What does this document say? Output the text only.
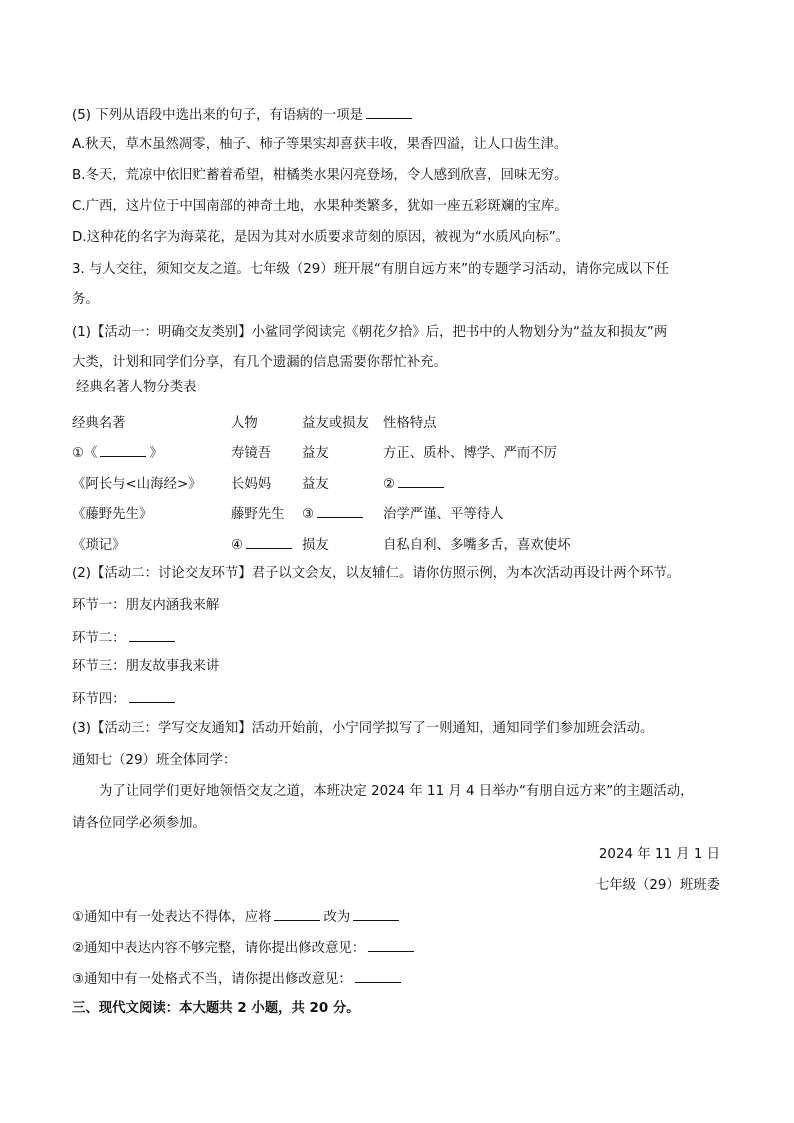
(5) 下列从语段中选出来的句子，有语病的一项是
A.秋天，草木虽然凋零，柚子、柿子等果实却喜获丰收，果香四溢，让人口齿生津。
B.冬天，荒凉中依旧贮蓄着希望，柑橘类水果闪亮登场，令人感到欣喜，回味无穷。
C.广西，这片位于中国南部的神奇土地，水果种类繁多，犹如一座五彩斑斓的宝库。
D.这种花的名字为海菜花，是因为其对水质要求苛刻的原因，被视为“水质风向标”。
3. 与人交往，须知交友之道。七年级（29）班开展“有朋自远方来”的专题学习活动，请你完成以下任
务。
(1)【活动一：明确交友类别】小鲨同学阅读完《朝花夕拾》后，把书中的人物划分为“益友和损友”两
大类，计划和同学们分享，有几个遗漏的信息需要你帮忙补充。
经典名著人物分类表
经典名著	人物	益友或损友	性格特点
①《 》	寿镜吾	益友	方正、质朴、博学、严而不厉
《阿长与<山海经>》	长妈妈	益友	②
《藤野先生》	藤野先生	③	治学严谨、平等待人
《琐记》	④	损友	自私自利、多嘴多舌，喜欢使坏
(2)【活动二：讨论交友环节】君子以文会友，以友辅仁。请你仿照示例，为本次活动再设计两个环节。
环节一：朋友内涵我来解
环节二：
环节三：朋友故事我来讲
环节四：
(3)【活动三：学写交友通知】活动开始前，小宁同学拟写了一则通知，通知同学们参加班会活动。
通知七（29）班全体同学：
为了让同学们更好地领悟交友之道，本班决定 2024 年 11 月 4 日举办“有朋自远方来”的主题活动，
请各位同学必须参加。
2024 年 11 月 1 日
七年级（29）班班委
①通知中有一处表达不得体，应将	改为
②通知中表达内容不够完整，请你提出修改意见：
③通知中有一处格式不当，请你提出修改意见：
三、现代文阅读：本大题共 2 小题，共 20 分。
